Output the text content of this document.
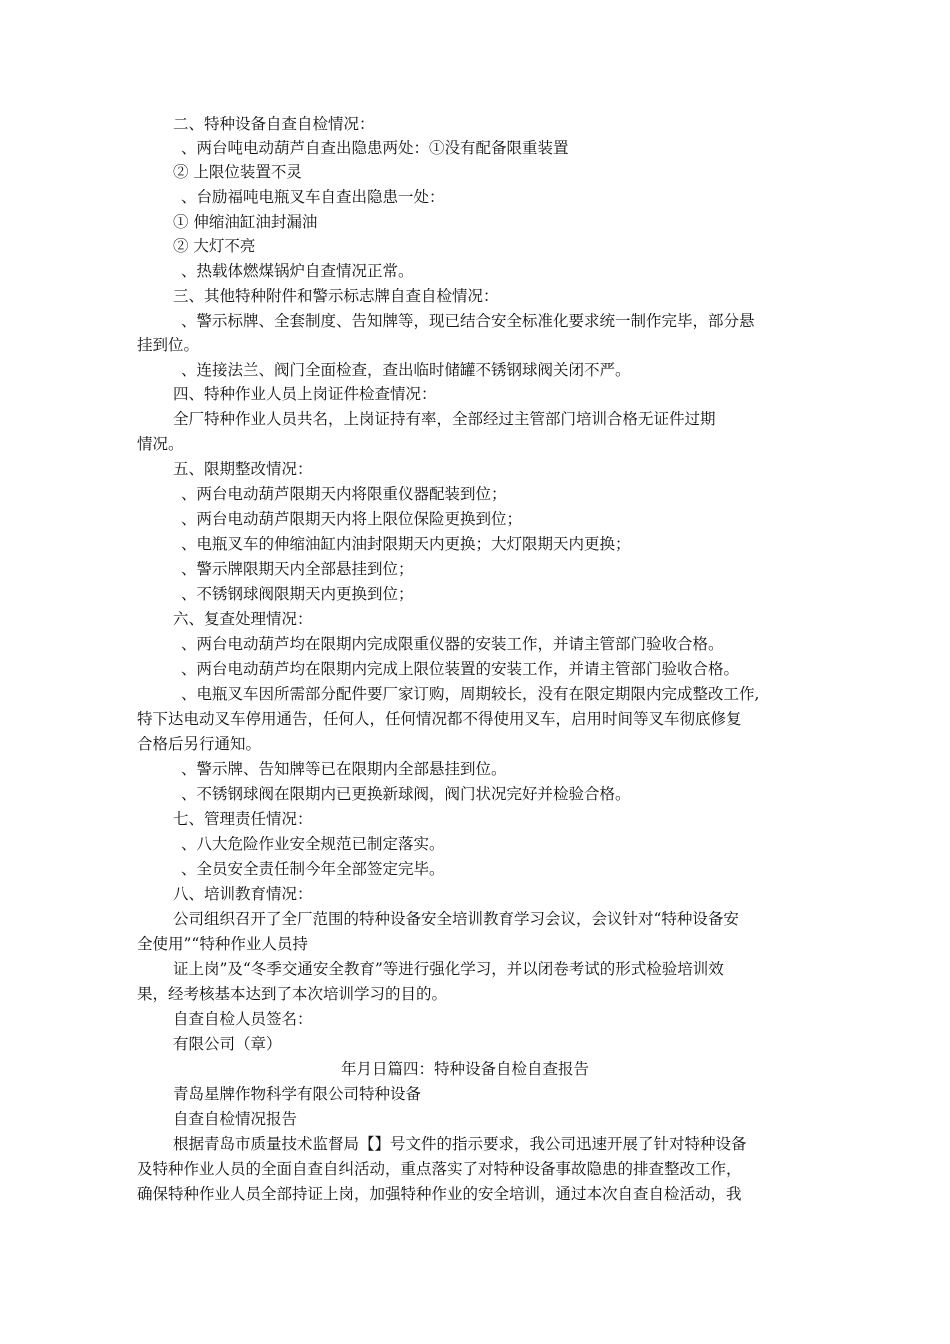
二、特种设备自查自检情况：
、两台吨电动葫芦自查出隐患两处：①没有配备限重装置
② 上限位装置不灵
、台励福吨电瓶叉车自查出隐患一处：
① 伸缩油缸油封漏油
② 大灯不亮
、热载体燃煤锅炉自查情况正常。
三、其他特种附件和警示标志牌自查自检情况：
、警示标牌、全套制度、告知牌等，现已结合安全标准化要求统一制作完毕，部分悬
挂到位。
、连接法兰、阀门全面检查，查出临时储罐不锈钢球阀关闭不严。
四、特种作业人员上岗证件检查情况：
全厂特种作业人员共名，上岗证持有率，全部经过主管部门培训合格无证件过期
情况。
五、限期整改情况：
、两台电动葫芦限期天内将限重仪器配装到位；
、两台电动葫芦限期天内将上限位保险更换到位；
、电瓶叉车的伸缩油缸内油封限期天内更换；大灯限期天内更换；
、警示牌限期天内全部悬挂到位；
、不锈钢球阀限期天内更换到位；
六、复查处理情况：
、两台电动葫芦均在限期内完成限重仪器的安装工作，并请主管部门验收合格。
、两台电动葫芦均在限期内完成上限位装置的安装工作，并请主管部门验收合格。
、电瓶叉车因所需部分配件要厂家订购，周期较长，没有在限定期限内完成整改工作,
特下达电动叉车停用通告，任何人，任何情况都不得使用叉车，启用时间等叉车彻底修复
合格后另行通知。
、警示牌、告知牌等已在限期内全部悬挂到位。
、不锈钢球阀在限期内已更换新球阀，阀门状况完好并检验合格。
七、管理责任情况：
、八大危险作业安全规范已制定落实。
、全员安全责任制今年全部签定完毕。
八、培训教育情况：
公司组织召开了全厂范围的特种设备安全培训教育学习会议，会议针对“特种设备安
全使用”“特种作业人员持
证上岗”及“冬季交通安全教育”等进行强化学习，并以闭卷考试的形式检验培训效
果，经考核基本达到了本次培训学习的目的。
自查自检人员签名：
有限公司（章）
年月日篇四：特种设备自检自查报告
青岛星牌作物科学有限公司特种设备
自查自检情况报告
根据青岛市质量技术监督局【】号文件的指示要求，我公司迅速开展了针对特种设备
及特种作业人员的全面自查自纠活动，重点落实了对特种设备事故隐患的排查整改工作，
确保特种作业人员全部持证上岗，加强特种作业的安全培训，通过本次自查自检活动，我
